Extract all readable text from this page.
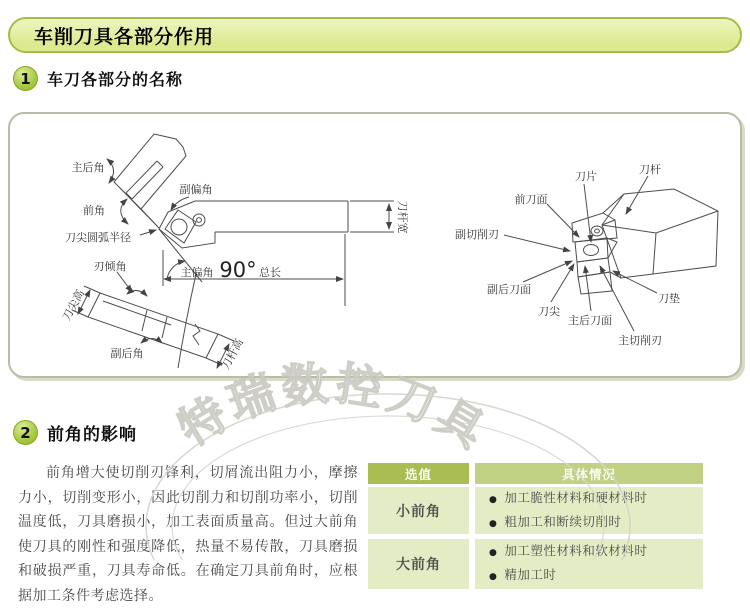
车削刀具各部分作用
1	车刀各部分的名称
主后角
副偏角
前角
刀尖圆弧半径
刃倾角	主偏角 90° 总长
刀尖高
副后角	刀杆高
刀杆宽
刀片
刀杆
前刀面
副切削刃
副后刀面
刀尖
主后刀面
主切削刃
刀垫
特瑞数控刀具
2 前角的影响
前角增大使切削刃锋利，切屑流出阻力小，摩擦力小，切削变形小，因此切削力和切削功率小，切削温度低，刀具磨损小，加工表面质量高。但过大前角使刀具的刚性和强度降低，热量不易传散，刀具磨损和破损严重，刀具寿命低。在确定刀具前角时，应根据加工条件考虑选择。
选值	具体情况
小前角
● 加工脆性材料和硬材料时
● 粗加工和断续切削时
大前角
● 加工塑性材料和软材料时
● 精加工时
